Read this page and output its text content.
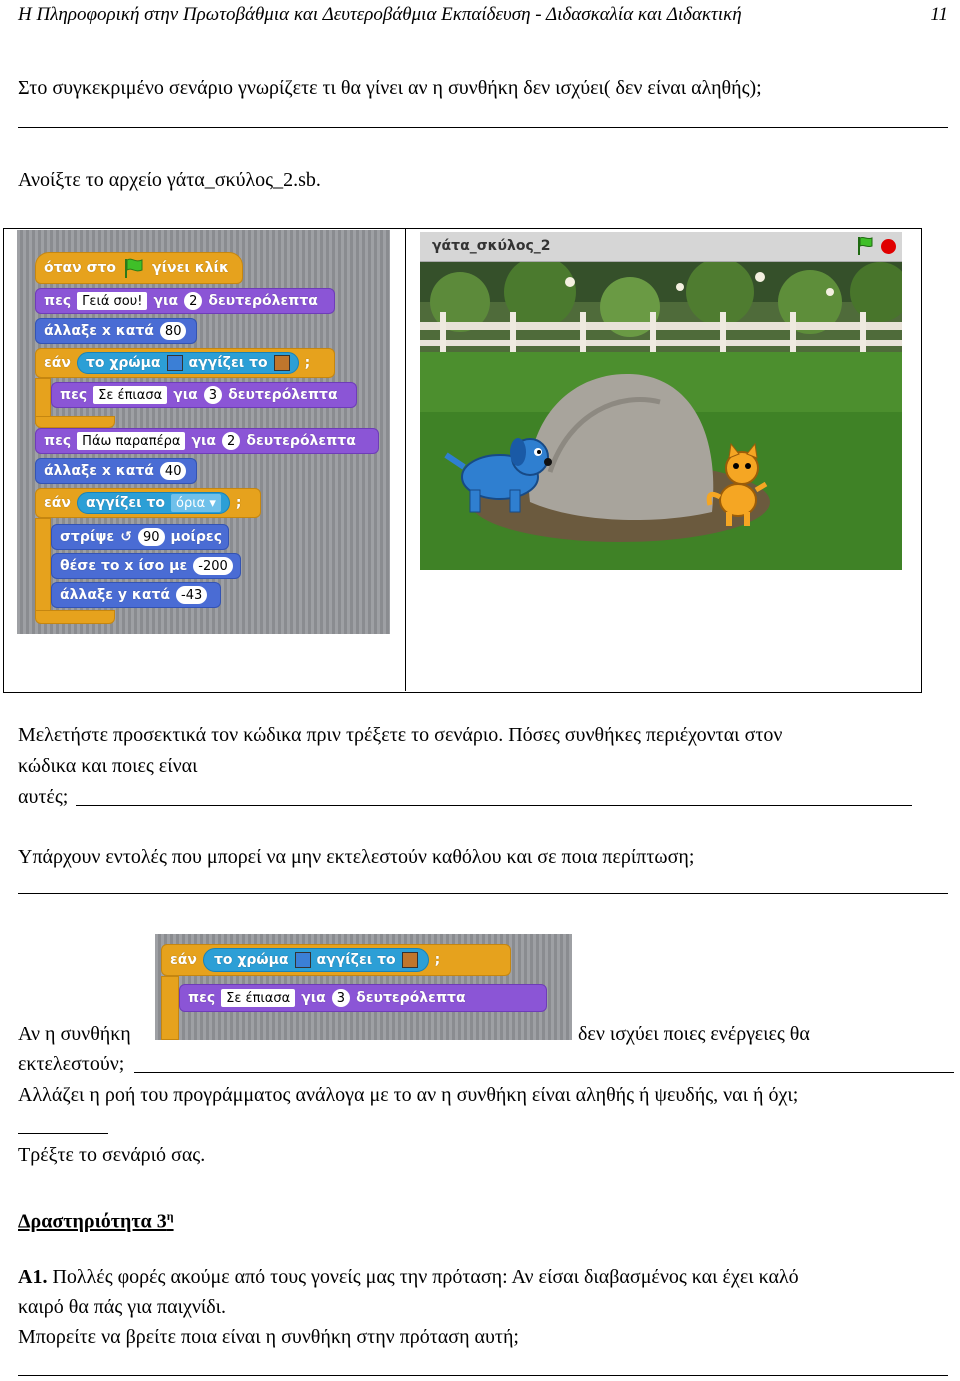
Η Πληροφορική στην Πρωτοβάθμια και Δευτεροβάθμια Εκπαίδευση - Διδασκαλία και Διδακτική	11
Στο συγκεκριμένο σενάριο γνωρίζετε τι θα γίνει αν η συνθήκη δεν ισχύει( δεν είναι αληθής);
Ανοίξτε το αρχείο γάτα_σκύλος_2.sb.
όταν στο	γίνει κλίκ
πες Γειά σου! για 2 δευτερόλεπτα
άλλαξε x κατά 80
εάν το χρώμα αγγίζει το	;
πες Σε έπιασα για 3 δευτερόλεπτα
πες Πάω παραπέρα για 2 δευτερόλεπτα
άλλαξε x κατά 40
εάν αγγίζει το όρια ▾	;
στρίψε ↺ 90 μοίρες
θέσε το x ίσο με -200
άλλαξε y κατά -43
γάτα_σκύλος_2
Μελετήστε προσεκτικά τον κώδικα πριν τρέξετε το σενάριο. Πόσες συνθήκες περιέχονται στον
κώδικα και ποιες είναι
αυτές;
Υπάρχουν εντολές που μπορεί να μην εκτελεστούν καθόλου και σε ποια περίπτωση;
εάν το χρώμα αγγίζει το	;
πες Σε έπιασα για 3 δευτερόλεπτα
Αν η συνθήκη	δεν ισχύει ποιες ενέργειες θα
εκτελεστούν;
Αλλάζει η ροή του προγράμματος ανάλογα με το αν η συνθήκη είναι αληθής ή ψευδής, ναι ή όχι;
Τρέξτε το σενάριό σας.
Δραστηριότητα $3^\eta$
Α1. Πολλές φορές ακούμε από τους γονείς μας την πρόταση: Αν είσαι διαβασμένος και έχει καλό
καιρό θα πάς για παιχνίδι.
Μπορείτε να βρείτε ποια είναι η συνθήκη στην πρόταση αυτή;
